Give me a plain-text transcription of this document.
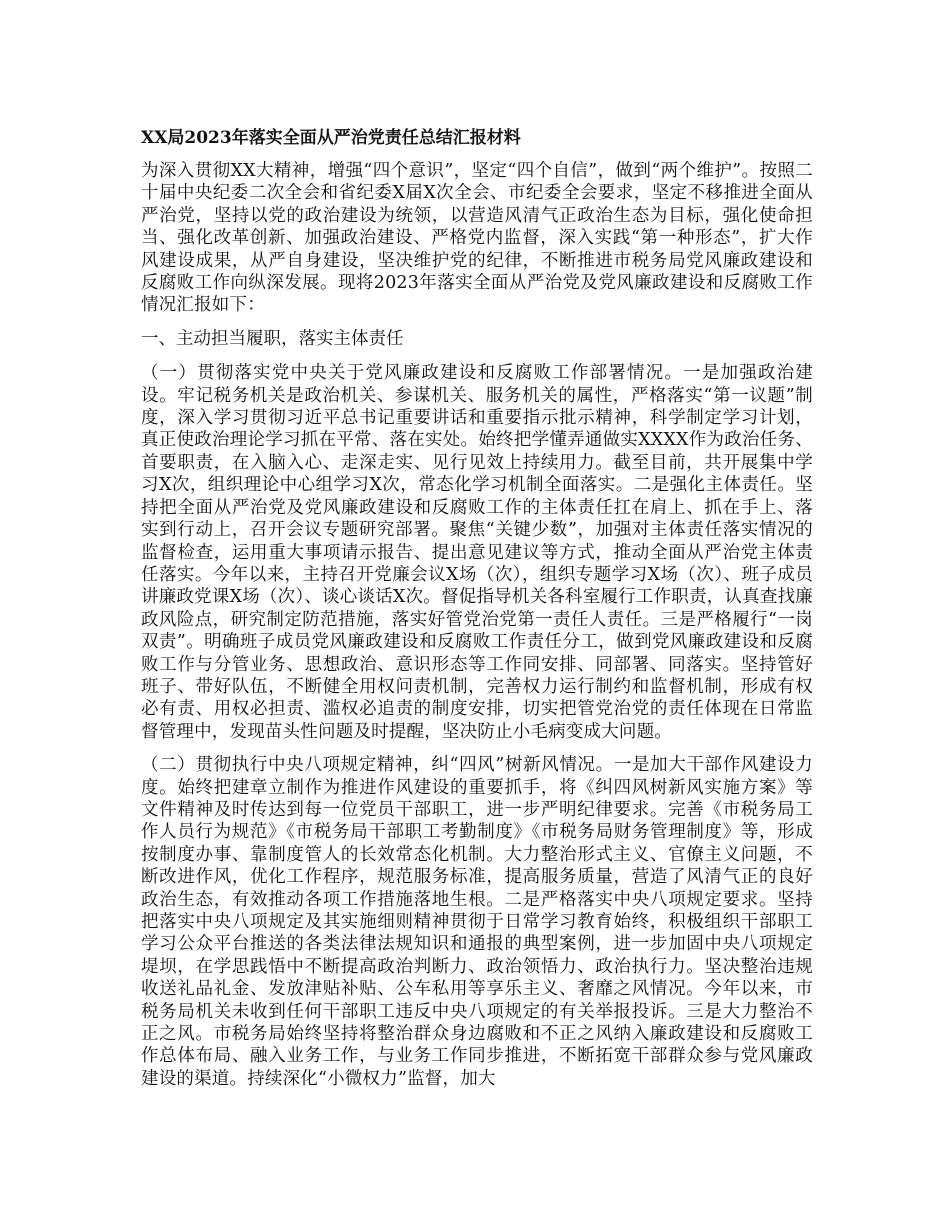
XX局2023年落实全面从严治党责任总结汇报材料

为深入贯彻XX大精神，增强“四个意识”，坚定“四个自信”，做到“两个维护”。按照二十届中央纪委二次全会和省纪委X届X次全会、市纪委全会要求，坚定不移推进全面从严治党，坚持以党的政治建设为统领，以营造风清气正政治生态为目标，强化使命担当、强化改革创新、加强政治建设、严格党内监督，深入实践“第一种形态”，扩大作风建设成果，从严自身建设，坚决维护党的纪律，不断推进市税务局党风廉政建设和反腐败工作向纵深发展。现将2023年落实全面从严治党及党风廉政建设和反腐败工作情况汇报如下：

一、主动担当履职，落实主体责任

（一）贯彻落实党中央关于党风廉政建设和反腐败工作部署情况。一是加强政治建设。牢记税务机关是政治机关、参谋机关、服务机关的属性，严格落实“第一议题”制度，深入学习贯彻习近平总书记重要讲话和重要指示批示精神，科学制定学习计划，真正使政治理论学习抓在平常、落在实处。始终把学懂弄通做实XXXX作为政治任务、首要职责，在入脑入心、走深走实、见行见效上持续用力。截至目前，共开展集中学习X次，组织理论中心组学习X次，常态化学习机制全面落实。二是强化主体责任。坚持把全面从严治党及党风廉政建设和反腐败工作的主体责任扛在肩上、抓在手上、落实到行动上，召开会议专题研究部署。聚焦“关键少数”，加强对主体责任落实情况的监督检查，运用重大事项请示报告、提出意见建议等方式，推动全面从严治党主体责任落实。今年以来，主持召开党廉会议X场（次），组织专题学习X场（次）、班子成员讲廉政党课X场（次）、谈心谈话X次。督促指导机关各科室履行工作职责，认真查找廉政风险点，研究制定防范措施，落实好管党治党第一责任人责任。三是严格履行“一岗双责”。明确班子成员党风廉政建设和反腐败工作责任分工，做到党风廉政建设和反腐败工作与分管业务、思想政治、意识形态等工作同安排、同部署、同落实。坚持管好班子、带好队伍，不断健全用权问责机制，完善权力运行制约和监督机制，形成有权必有责、用权必担责、滥权必追责的制度安排，切实把管党治党的责任体现在日常监督管理中，发现苗头性问题及时提醒，坚决防止小毛病变成大问题。

（二）贯彻执行中央八项规定精神，纠“四风”树新风情况。一是加大干部作风建设力度。始终把建章立制作为推进作风建设的重要抓手，将《纠四风树新风实施方案》等文件精神及时传达到每一位党员干部职工，进一步严明纪律要求。完善《市税务局工作人员行为规范》《市税务局干部职工考勤制度》《市税务局财务管理制度》等，形成按制度办事、靠制度管人的长效常态化机制。大力整治形式主义、官僚主义问题，不断改进作风，优化工作程序，规范服务标准，提高服务质量，营造了风清气正的良好政治生态，有效推动各项工作措施落地生根。二是严格落实中央八项规定要求。坚持把落实中央八项规定及其实施细则精神贯彻于日常学习教育始终，积极组织干部职工学习公众平台推送的各类法律法规知识和通报的典型案例，进一步加固中央八项规定堤坝，在学思践悟中不断提高政治判断力、政治领悟力、政治执行力。坚决整治违规收送礼品礼金、发放津贴补贴、公车私用等享乐主义、奢靡之风情况。今年以来，市税务局机关未收到任何干部职工违反中央八项规定的有关举报投诉。三是大力整治不正之风。市税务局始终坚持将整治群众身边腐败和不正之风纳入廉政建设和反腐败工作总体布局、融入业务工作，与业务工作同步推进，不断拓宽干部群众参与党风廉政建设的渠道。持续深化“小微权力”监督，加大
